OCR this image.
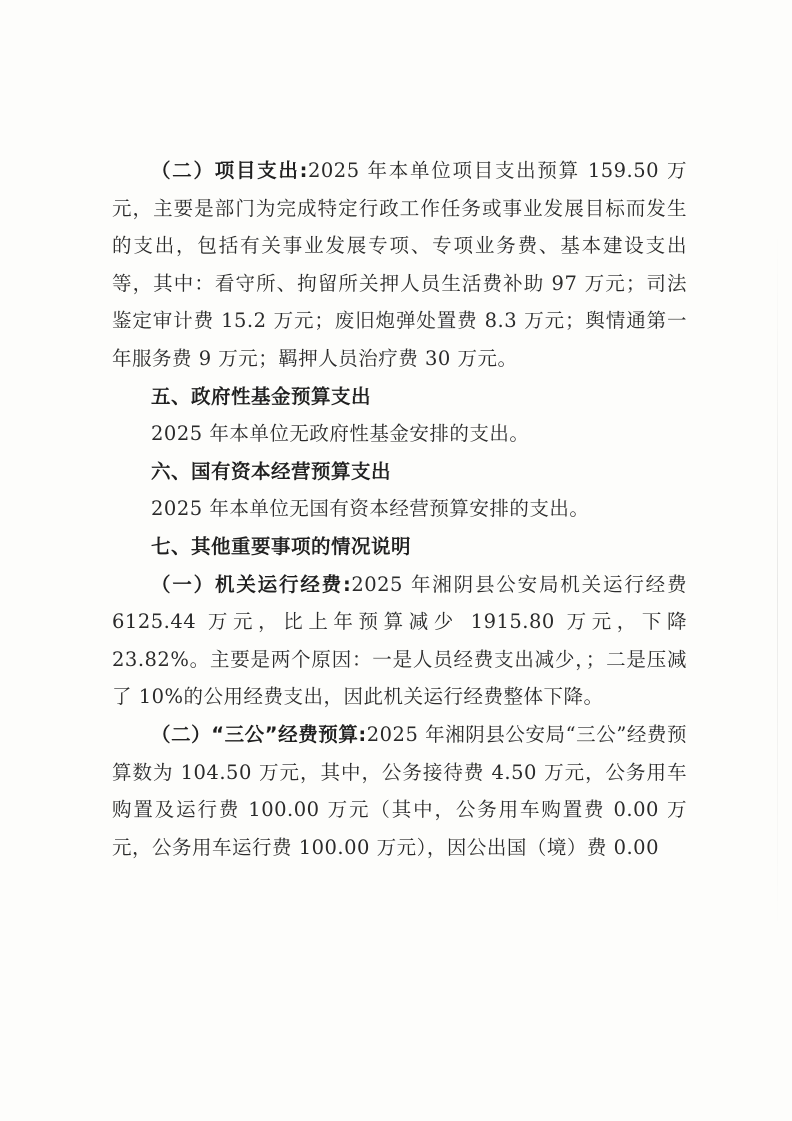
（二）项目支出:2025 年本单位项目支出预算 159.50 万元，主要是部门为完成特定行政工作任务或事业发展目标而发生的支出，包括有关事业发展专项、专项业务费、基本建设支出等，其中：看守所、拘留所关押人员生活费补助 97 万元；司法鉴定审计费 15.2 万元；废旧炮弹处置费 8.3 万元；舆情通第一年服务费 9 万元；羁押人员治疗费 30 万元。

五、政府性基金预算支出

2025 年本单位无政府性基金安排的支出。

六、国有资本经营预算支出

2025 年本单位无国有资本经营预算安排的支出。

七、其他重要事项的情况说明

（一）机关运行经费:2025 年湘阴县公安局机关运行经费 6125.44 万元，比上年预算减少 1915.80 万元，下降 23.82%。主要是两个原因：一是人员经费支出减少，；二是压减了 10%的公用经费支出，因此机关运行经费整体下降。

（二）“三公”经费预算:2025 年湘阴县公安局“三公”经费预算数为 104.50 万元，其中，公务接待费 4.50 万元，公务用车购置及运行费 100.00 万元（其中，公务用车购置费 0.00 万元，公务用车运行费 100.00 万元），因公出国（境）费 0.00
